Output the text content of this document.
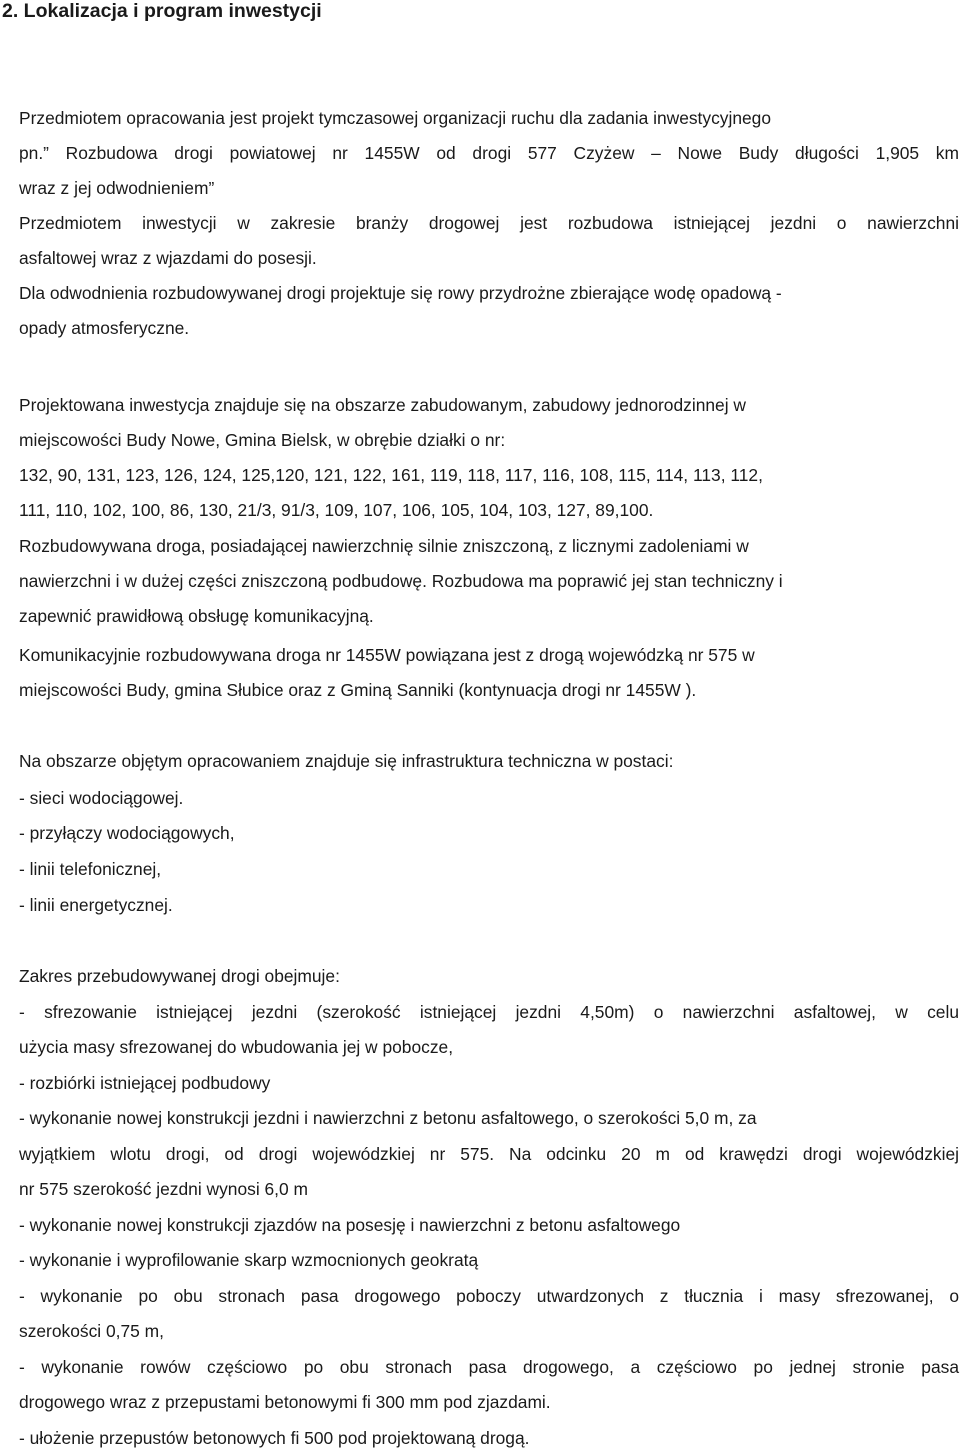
2. Lokalizacja i program inwestycji
Przedmiotem opracowania jest projekt tymczasowej organizacji ruchu dla zadania inwestycyjnego
pn.” Rozbudowa drogi powiatowej nr 1455W od drogi 577 Czyżew – Nowe Budy długości 1,905 km
wraz z jej odwodnieniem”
Przedmiotem inwestycji w zakresie branży drogowej jest rozbudowa istniejącej jezdni o nawierzchni
asfaltowej wraz z wjazdami do posesji.
Dla odwodnienia rozbudowywanej drogi projektuje się rowy przydrożne zbierające wodę opadową -
opady atmosferyczne.
Projektowana inwestycja znajduje się na obszarze zabudowanym, zabudowy jednorodzinnej w
miejscowości Budy Nowe, Gmina Bielsk, w obrębie działki o nr:
132, 90, 131, 123, 126, 124, 125,120, 121, 122, 161, 119, 118, 117, 116, 108, 115, 114, 113, 112,
111, 110, 102, 100, 86, 130, 21/3, 91/3, 109, 107, 106, 105, 104, 103, 127, 89,100.
Rozbudowywana droga, posiadającej nawierzchnię silnie zniszczoną, z licznymi zadoleniami w
nawierzchni i w dużej części zniszczoną podbudowę. Rozbudowa ma poprawić jej stan techniczny i
zapewnić prawidłową obsługę komunikacyjną.
Komunikacyjnie rozbudowywana droga nr 1455W powiązana jest z drogą wojewódzką nr 575 w
miejscowości Budy, gmina Słubice oraz z Gminą Sanniki (kontynuacja drogi nr 1455W ).
Na obszarze objętym opracowaniem znajduje się infrastruktura techniczna w postaci:
- sieci wodociągowej.
- przyłączy wodociągowych,
- linii telefonicznej,
- linii energetycznej.
Zakres przebudowywanej drogi obejmuje:
- sfrezowanie istniejącej jezdni (szerokość istniejącej jezdni 4,50m) o nawierzchni asfaltowej, w celu
użycia masy sfrezowanej do wbudowania jej w pobocze,
- rozbiórki istniejącej podbudowy
- wykonanie nowej konstrukcji jezdni i nawierzchni z betonu asfaltowego, o szerokości 5,0 m, za
wyjątkiem wlotu drogi, od drogi wojewódzkiej nr 575. Na odcinku 20 m od krawędzi drogi wojewódzkiej
nr 575 szerokość jezdni wynosi 6,0 m
- wykonanie nowej konstrukcji zjazdów na posesję i nawierzchni z betonu asfaltowego
- wykonanie i wyprofilowanie skarp wzmocnionych geokratą
- wykonanie po obu stronach pasa drogowego poboczy utwardzonych z tłucznia i masy sfrezowanej, o
szerokości 0,75 m,
- wykonanie rowów częściowo po obu stronach pasa drogowego, a częściowo po jednej stronie pasa
drogowego wraz z przepustami betonowymi fi 300 mm pod zjazdami.
- ułożenie przepustów betonowych fi 500 pod projektowaną drogą.
